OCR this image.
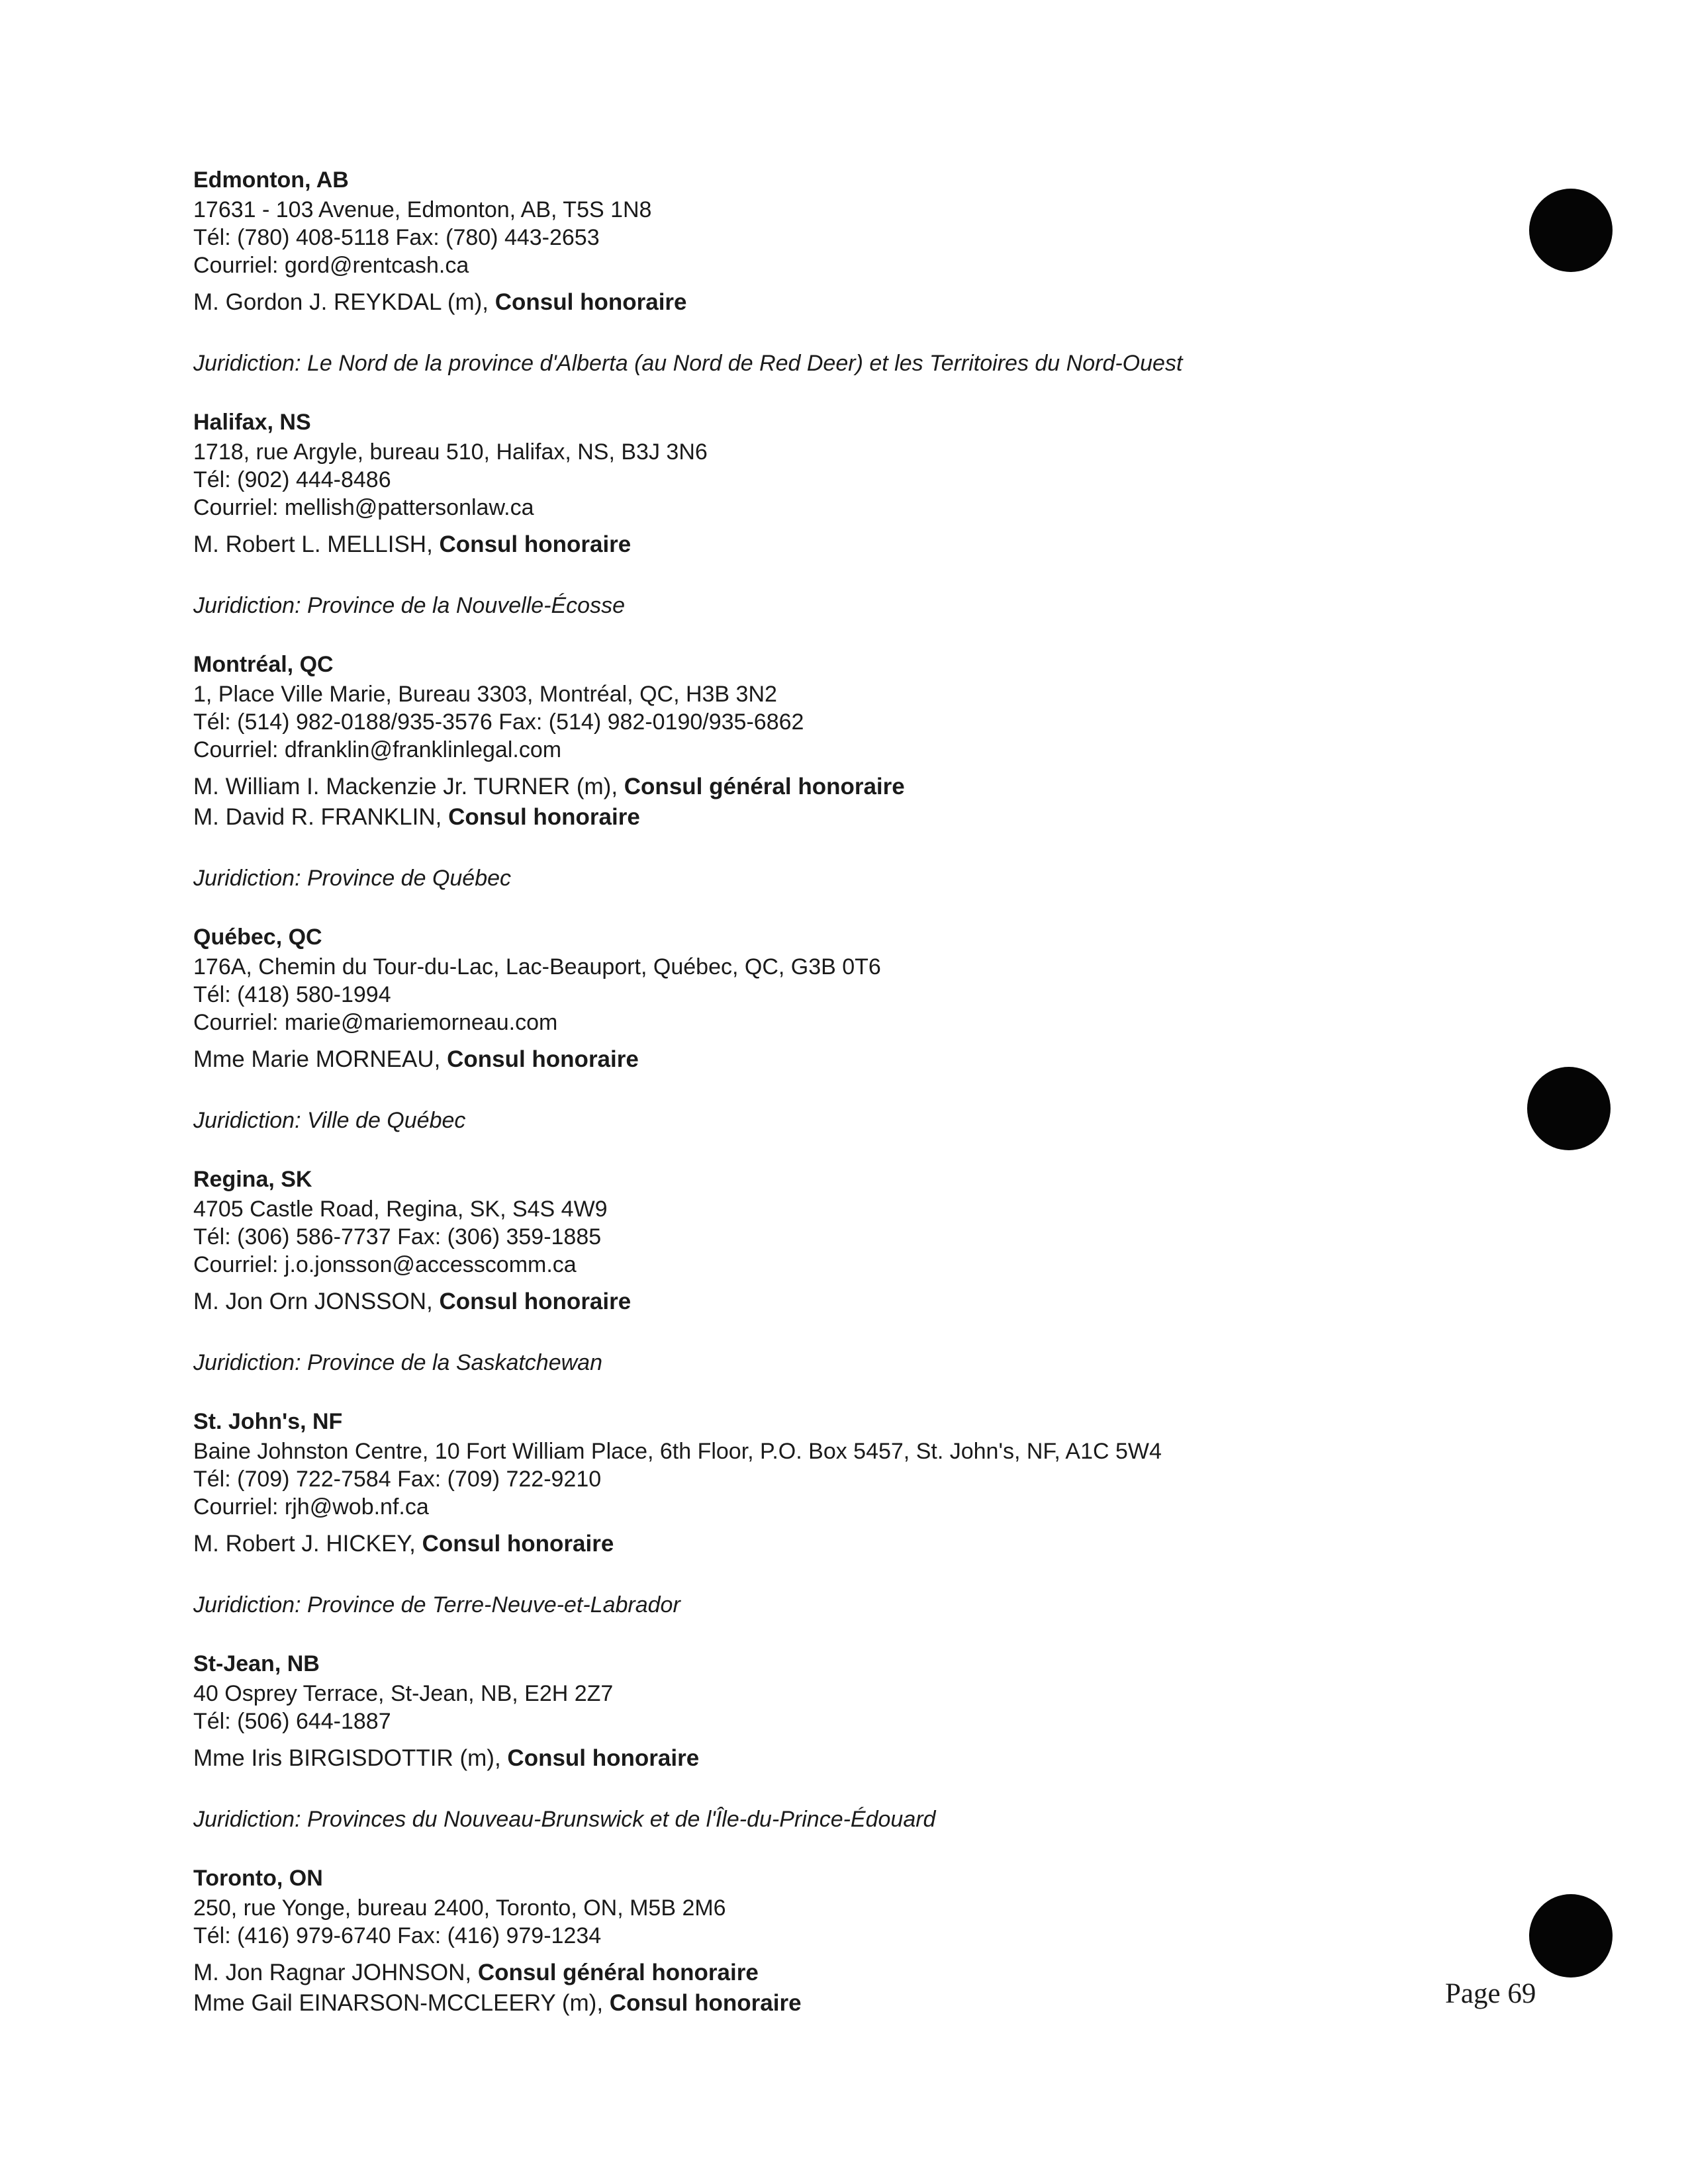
Edmonton, AB
17631 - 103 Avenue, Edmonton, AB, T5S 1N8
Tél: (780) 408-5118 Fax: (780) 443-2653
Courriel: gord@rentcash.ca
M. Gordon J. REYKDAL (m), Consul honoraire
Juridiction: Le Nord de la province d'Alberta (au Nord de Red Deer) et les Territoires du Nord-Ouest
Halifax, NS
1718, rue Argyle, bureau 510, Halifax, NS, B3J 3N6
Tél: (902) 444-8486
Courriel: mellish@pattersonlaw.ca
M. Robert L. MELLISH, Consul honoraire
Juridiction: Province de la Nouvelle-Écosse
Montréal, QC
1, Place Ville Marie, Bureau 3303, Montréal, QC, H3B 3N2
Tél: (514) 982-0188/935-3576 Fax: (514) 982-0190/935-6862
Courriel: dfranklin@franklinlegal.com
M. William I. Mackenzie Jr. TURNER (m), Consul général honoraire
M. David R. FRANKLIN, Consul honoraire
Juridiction: Province de Québec
Québec, QC
176A, Chemin du Tour-du-Lac, Lac-Beauport, Québec, QC, G3B 0T6
Tél: (418) 580-1994
Courriel: marie@mariemorneau.com
Mme Marie MORNEAU, Consul honoraire
Juridiction: Ville de Québec
Regina, SK
4705 Castle Road, Regina, SK, S4S 4W9
Tél: (306) 586-7737 Fax: (306) 359-1885
Courriel: j.o.jonsson@accesscomm.ca
M. Jon Orn JONSSON, Consul honoraire
Juridiction: Province de la Saskatchewan
St. John's, NF
Baine Johnston Centre, 10 Fort William Place, 6th Floor, P.O. Box 5457, St. John's, NF, A1C 5W4
Tél: (709) 722-7584 Fax: (709) 722-9210
Courriel: rjh@wob.nf.ca
M. Robert J. HICKEY, Consul honoraire
Juridiction: Province de Terre-Neuve-et-Labrador
St-Jean, NB
40 Osprey Terrace, St-Jean, NB, E2H 2Z7
Tél: (506) 644-1887
Mme Iris BIRGISDOTTIR (m), Consul honoraire
Juridiction: Provinces du Nouveau-Brunswick et de l'Île-du-Prince-Édouard
Toronto, ON
250, rue Yonge, bureau 2400, Toronto, ON, M5B 2M6
Tél: (416) 979-6740 Fax: (416) 979-1234
M. Jon Ragnar JOHNSON, Consul général honoraire
Mme Gail EINARSON-MCCLEERY (m), Consul honoraire	Page 69
